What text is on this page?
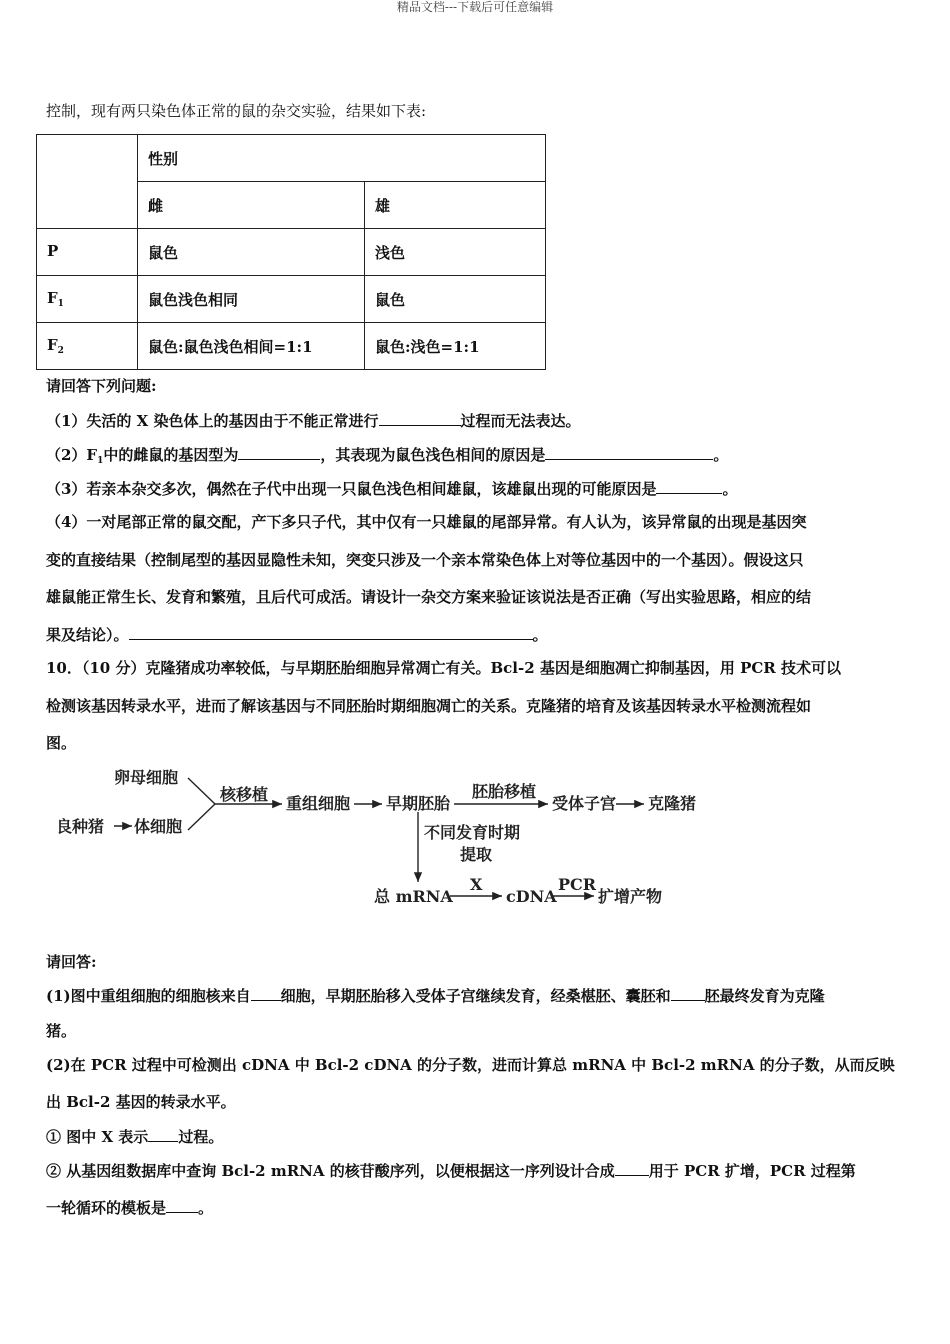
精品文档---下载后可任意编辑
控制，现有两只染色体正常的鼠的杂交实验，结果如下表:
	性别	
	雌	雄
P	鼠色	浅色
$F_1$	鼠色浅色相同	鼠色
$F_2$	鼠色:鼠色浅色相间=1:1	鼠色:浅色=1:1
请回答下列问题:
（1）失活的 X 染色体上的基因由于不能正常进行	过程而无法表达。
$(2)F_1$中的雌鼠的基因型为	，其表现为鼠色浅色相间的原因是	。
（3）若亲本杂交多次，偶然在子代中出现一只鼠色浅色相间雄鼠，该雄鼠出现的可能原因是	。
（4）一对尾部正常的鼠交配，产下多只子代，其中仅有一只雄鼠的尾部异常。有人认为，该异常鼠的出现是基因突
变的直接结果（控制尾型的基因显隐性未知，突变只涉及一个亲本常染色体上对等位基因中的一个基因）。假设这只
雄鼠能正常生长、发育和繁殖，且后代可成活。请设计一杂交方案来验证该说法是否正确（写出实验思路，相应的结
果及结论）。	。
10．（10 分）克隆猪成功率较低，与早期胚胎细胞异常凋亡有关。Bcl-2 基因是细胞凋亡抑制基因，用 PCR 技术可以
检测该基因转录水平，进而了解该基因与不同胚胎时期细胞凋亡的关系。克隆猪的培育及该基因转录水平检测流程如
图。
卵母细胞
良种猪 体细胞
核移植 重组细胞 早期胚胎
胚胎移植
受体子宫 克隆猪
不同发育时期
提取
总 mRNA
X
cDNA
PCR
扩增产物
请回答:
(1)图中重组细胞的细胞核来自 细胞，早期胚胎移入受体子宫继续发育，经桑椹胚、囊胚和 胚最终发育为克隆
猪。
(2)在 PCR 过程中可检测出 cDNA 中 Bcl-2 cDNA 的分子数，进而计算总 mRNA 中 Bcl-2 mRNA 的分子数，从而反映
出 Bcl-2 基因的转录水平。
① 图中 X 表示 过程。
② 从基因组数据库中查询 Bcl-2 mRNA 的核苷酸序列，以便根据这一序列设计合成 用于 PCR 扩增，PCR 过程第
一轮循环的模板是 。
